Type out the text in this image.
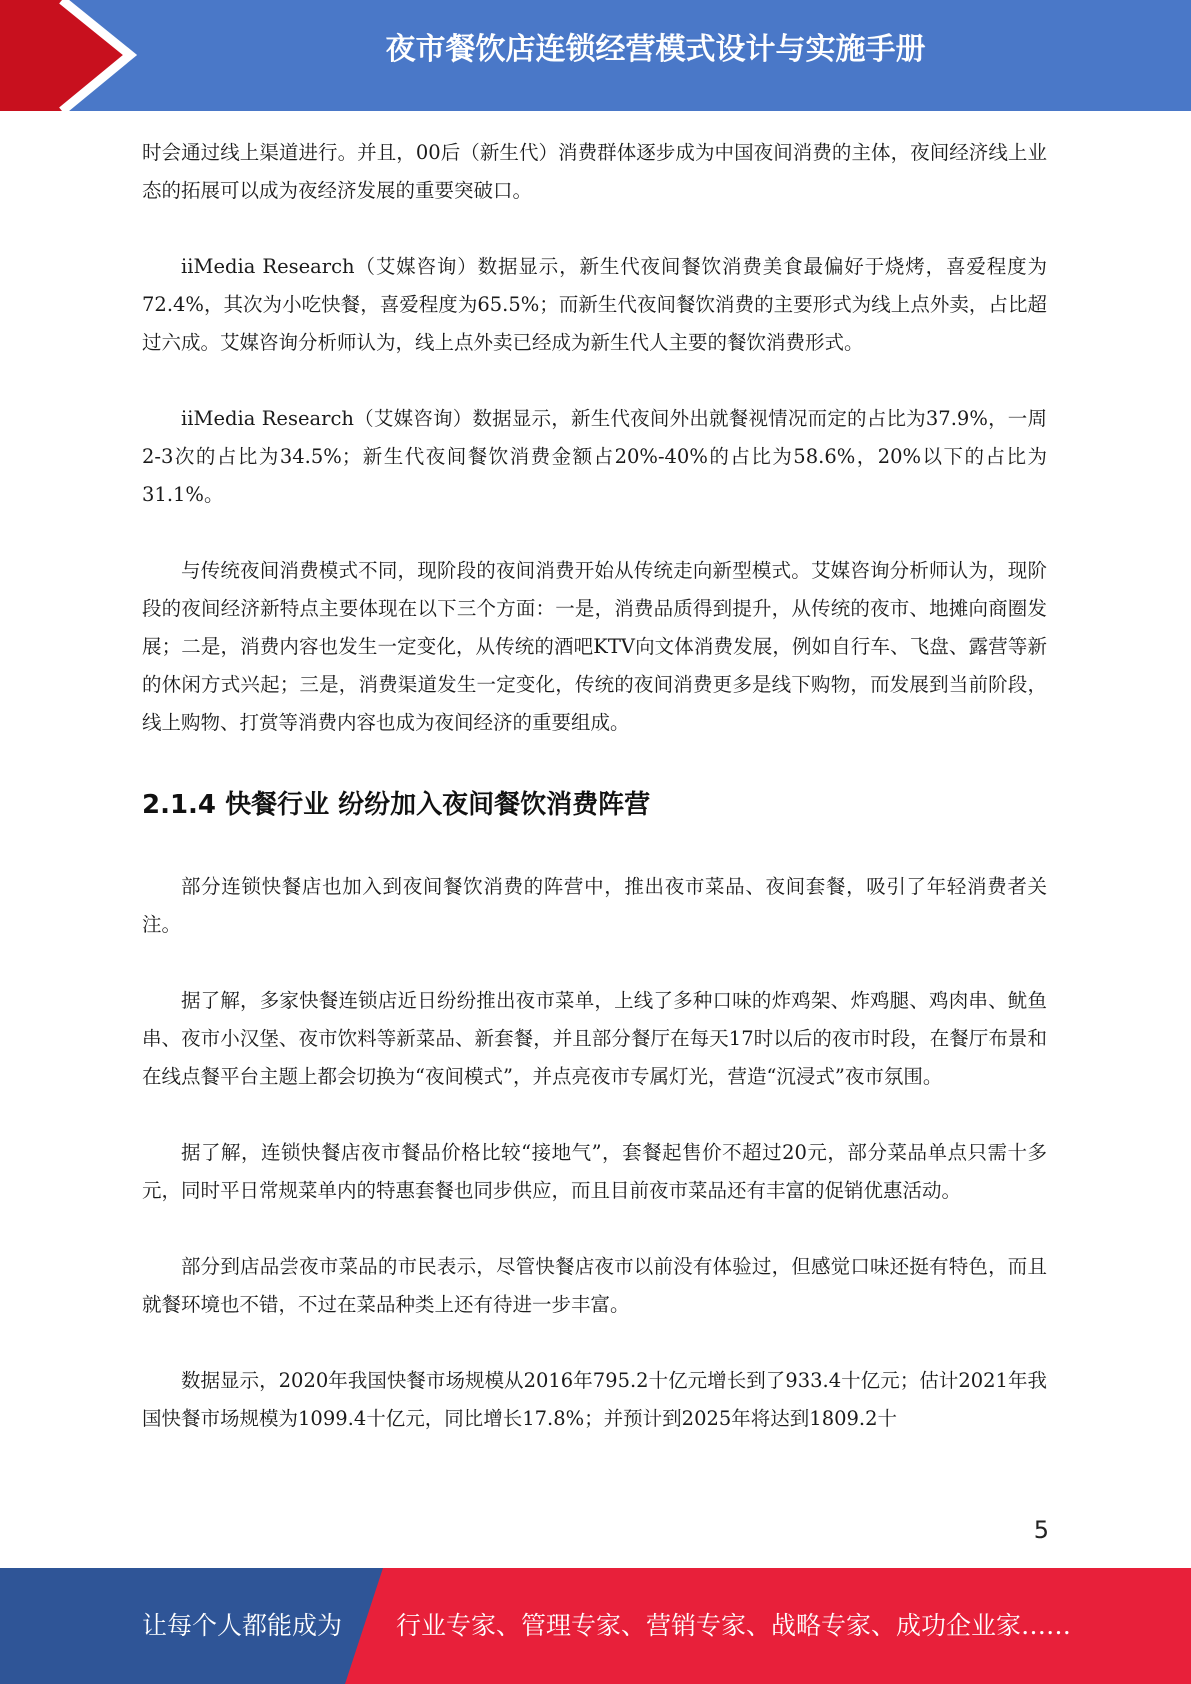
夜市餐饮店连锁经营模式设计与实施手册

时会通过线上渠道进行。并且，00后（新生代）消费群体逐步成为中国夜间消费的主体，夜间经济线上业态的拓展可以成为夜经济发展的重要突破口。

iiMedia Research（艾媒咨询）数据显示，新生代夜间餐饮消费美食最偏好于烧烤，喜爱程度为72.4%，其次为小吃快餐，喜爱程度为65.5%；而新生代夜间餐饮消费的主要形式为线上点外卖，占比超过六成。艾媒咨询分析师认为，线上点外卖已经成为新生代人主要的餐饮消费形式。

iiMedia Research（艾媒咨询）数据显示，新生代夜间外出就餐视情况而定的占比为37.9%，一周2-3次的占比为34.5%；新生代夜间餐饮消费金额占20%-40%的占比为58.6%，20%以下的占比为31.1%。

与传统夜间消费模式不同，现阶段的夜间消费开始从传统走向新型模式。艾媒咨询分析师认为，现阶段的夜间经济新特点主要体现在以下三个方面：一是，消费品质得到提升，从传统的夜市、地摊向商圈发展；二是，消费内容也发生一定变化，从传统的酒吧KTV向文体消费发展，例如自行车、飞盘、露营等新的休闲方式兴起；三是，消费渠道发生一定变化，传统的夜间消费更多是线下购物，而发展到当前阶段，线上购物、打赏等消费内容也成为夜间经济的重要组成。

2.1.4 快餐行业 纷纷加入夜间餐饮消费阵营

部分连锁快餐店也加入到夜间餐饮消费的阵营中，推出夜市菜品、夜间套餐，吸引了年轻消费者关注。

据了解，多家快餐连锁店近日纷纷推出夜市菜单，上线了多种口味的炸鸡架、炸鸡腿、鸡肉串、鱿鱼串、夜市小汉堡、夜市饮料等新菜品、新套餐，并且部分餐厅在每天17时以后的夜市时段，在餐厅布景和在线点餐平台主题上都会切换为“夜间模式”，并点亮夜市专属灯光，营造“沉浸式”夜市氛围。

据了解，连锁快餐店夜市餐品价格比较“接地气”，套餐起售价不超过20元，部分菜品单点只需十多元，同时平日常规菜单内的特惠套餐也同步供应，而且目前夜市菜品还有丰富的促销优惠活动。

部分到店品尝夜市菜品的市民表示，尽管快餐店夜市以前没有体验过，但感觉口味还挺有特色，而且就餐环境也不错，不过在菜品种类上还有待进一步丰富。

数据显示，2020年我国快餐市场规模从2016年795.2十亿元增长到了933.4十亿元；估计2021年我国快餐市场规模为1099.4十亿元，同比增长17.8%；并预计到2025年将达到1809.2十

5
让每个人都能成为 行业专家、管理专家、营销专家、战略专家、成功企业家……
